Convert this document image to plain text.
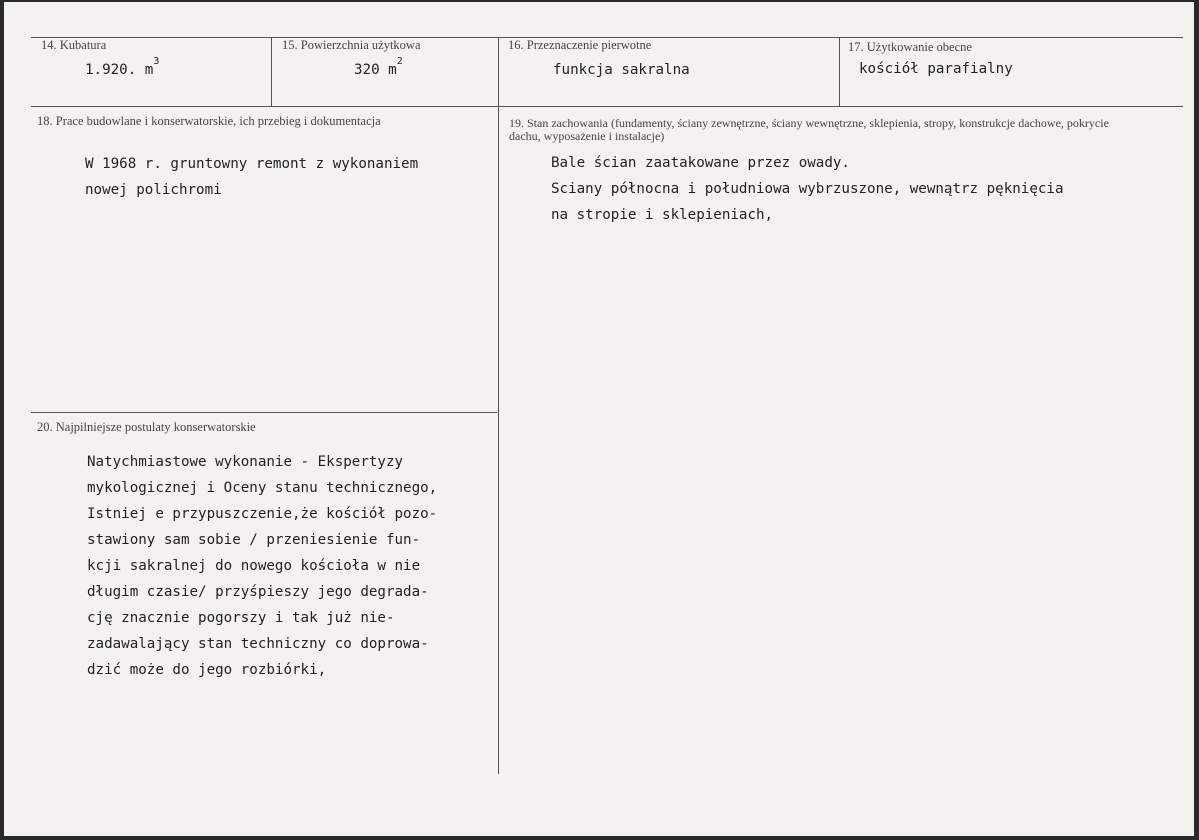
14. Kubatura
1.920. $m^3$
15. Powierzchnia użytkowa
320 $m^2$
16. Przeznaczenie pierwotne
funkcja sakralna
17. Użytkowanie obecne
kościół parafialny
18. Prace budowlane i konserwatorskie, ich przebieg i dokumentacja
W 1968 r. gruntowny remont z wykonaniem
nowej polichromi
19. Stan zachowania (fundamenty, ściany zewnętrzne, ściany wewnętrzne, sklepienia, stropy, konstrukcje dachowe, pokrycie dachu, wyposażenie i instalacje)
Bale ścian zaatakowane przez owady.
Sciany północna i południowa wybrzuszone, wewnątrz pęknięcia
na stropie i sklepieniach,
20. Najpilniejsze postulaty konserwatorskie
Natychmiastowe wykonanie - Ekspertyzy
mykologicznej i Oceny stanu technicznego,
Istniej e przypuszczenie,że kościół pozo-
stawiony sam sobie / przeniesienie fun-
kcji sakralnej do nowego kościoła w nie
długim czasie/ przyśpieszy jego degrada-
cję znacznie pogorszy i tak już nie-
zadawalający stan techniczny co doprowa-
dzić może do jego rozbiórki,
